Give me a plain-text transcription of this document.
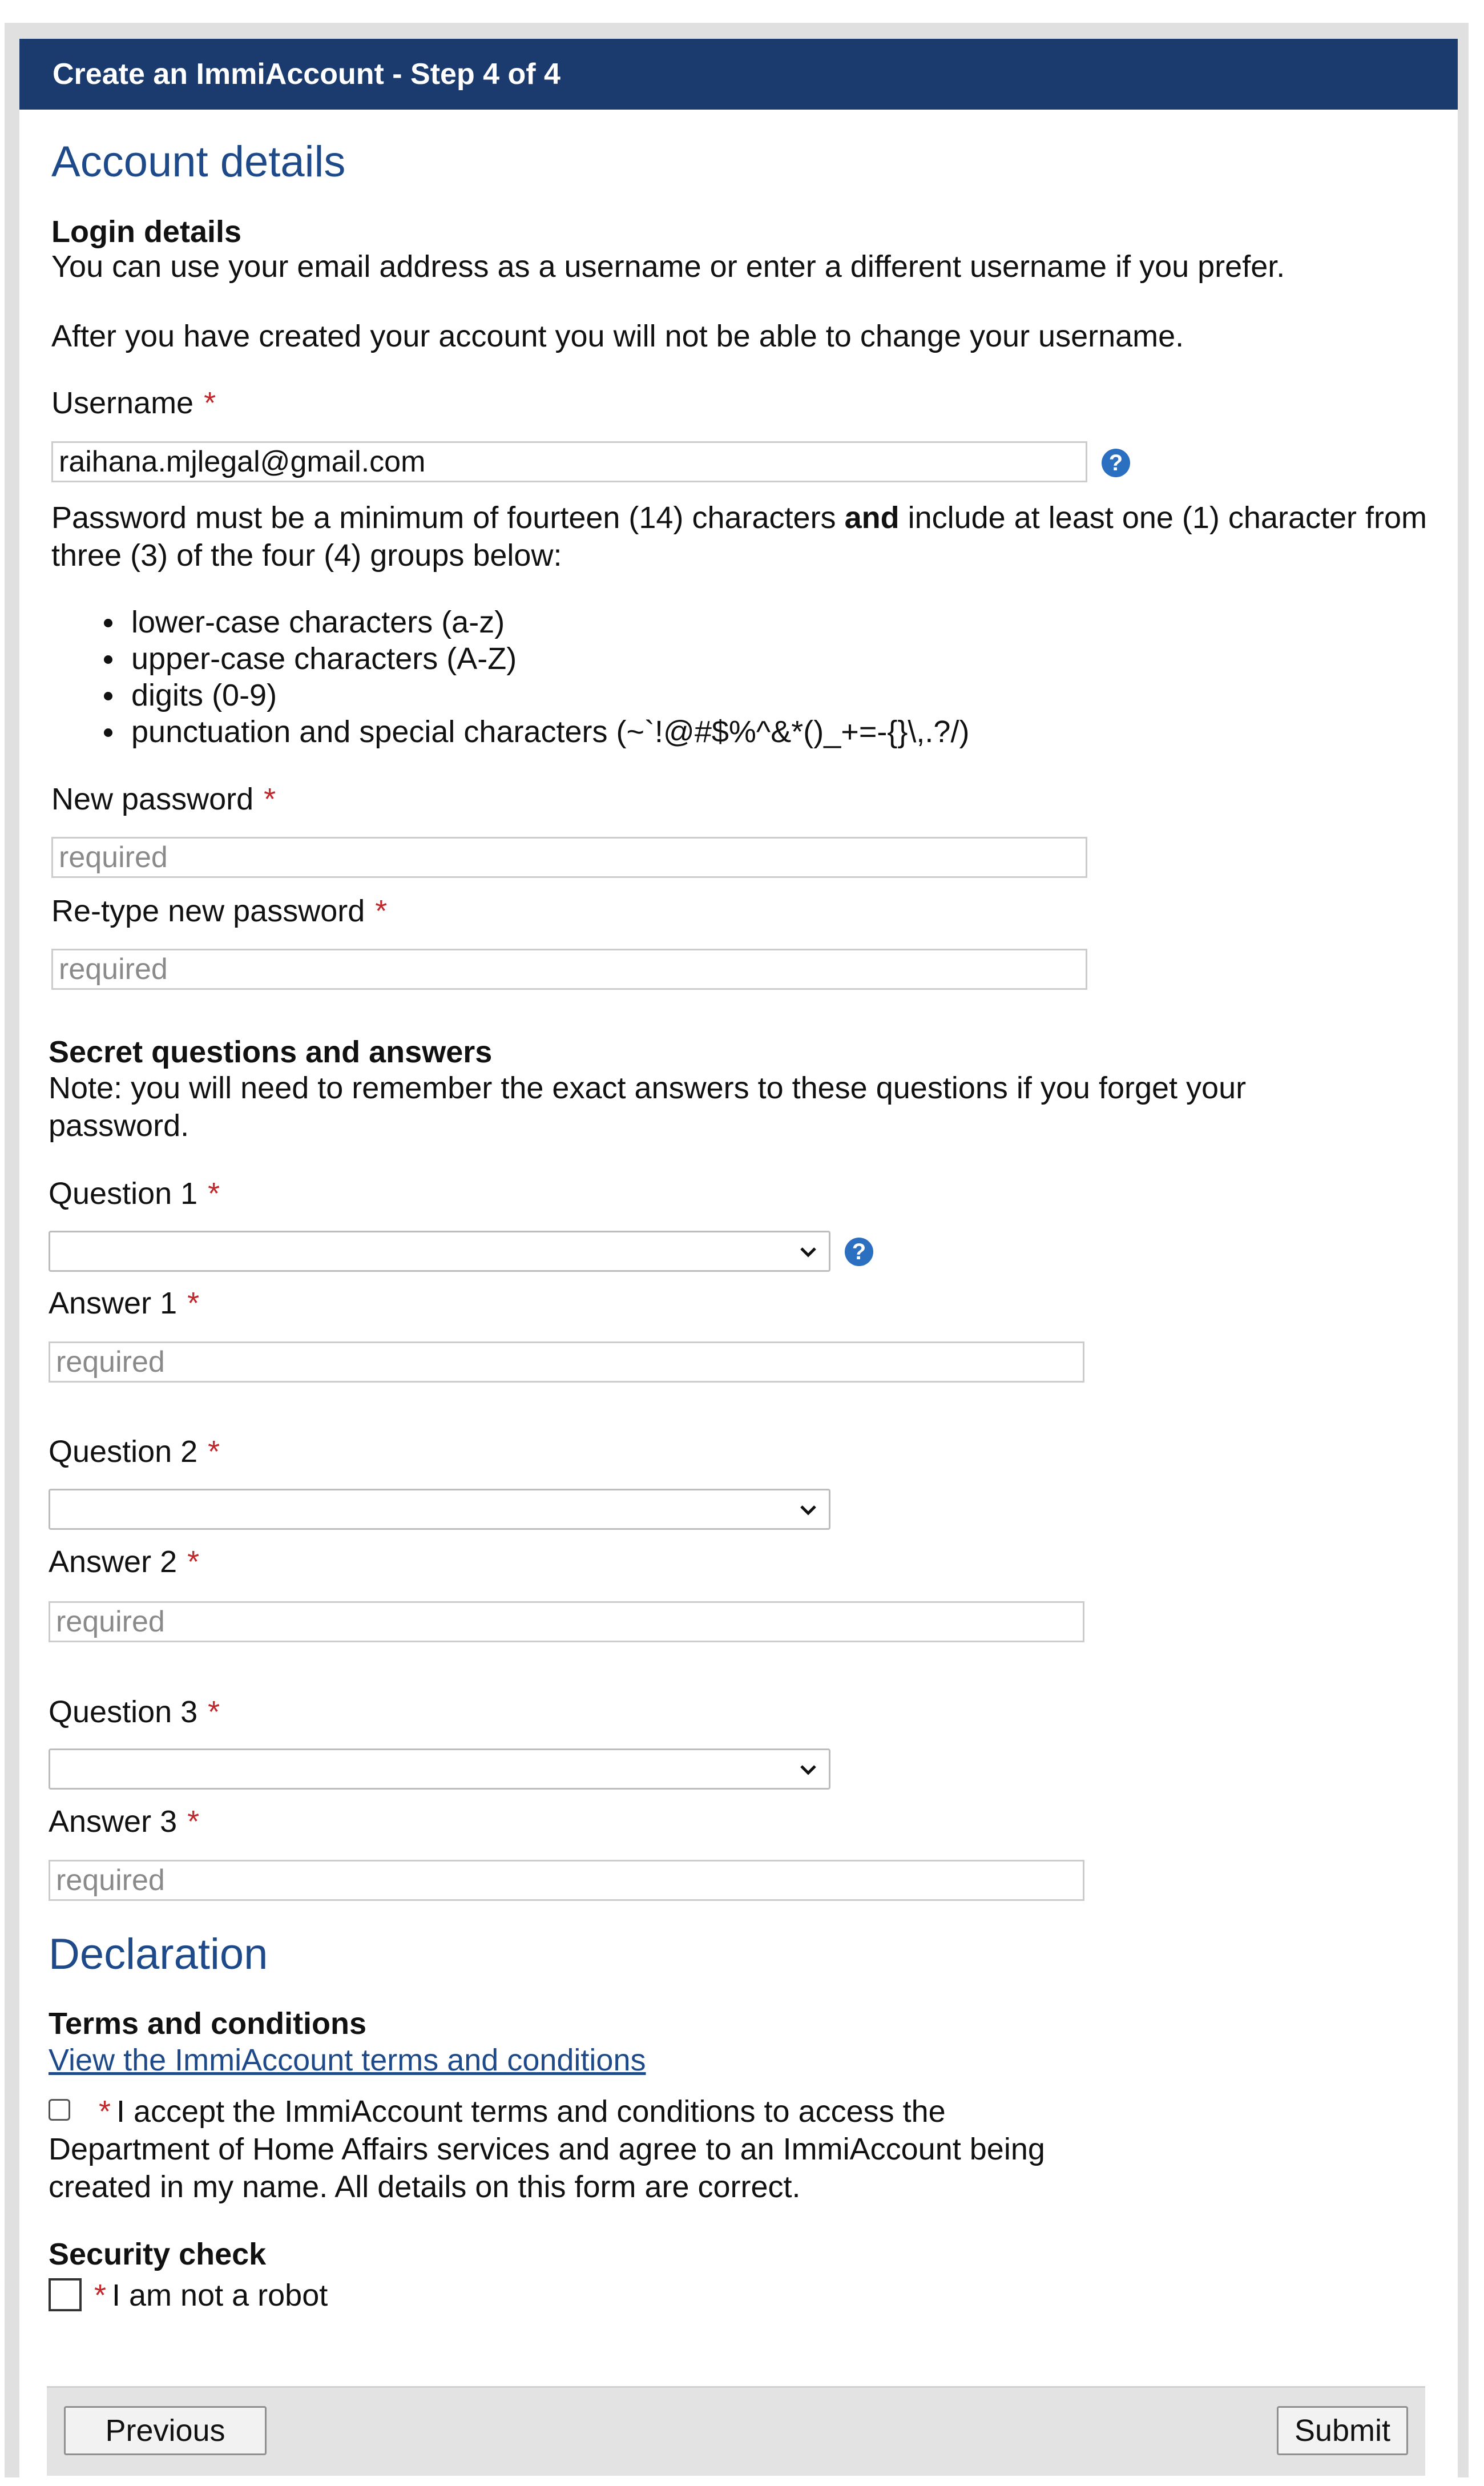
Create an ImmiAccount - Step 4 of 4
Account details
Login details
You can use your email address as a username or enter a different username if you prefer.
After you have created your account you will not be able to change your username.
Username *
raihana.mjlegal@gmail.com
?
Password must be a minimum of fourteen (14) characters and include at least one (1) character from three (3) of the four (4) groups below:
lower-case characters (a-z)
upper-case characters (A-Z)
digits (0-9)
punctuation and special characters (~`!@#$%^&*()_+=-{}\,.?/)
New password *
Re-type new password *
Secret questions and answers
Note: you will need to remember the exact answers to these questions if you forget your password.
Question 1 *
?
Answer 1 *
required
Question 2 *
Answer 2 *
required
Question 3 *
Answer 3 *
required
Declaration
Terms and conditions
View the ImmiAccount terms and conditions
* I accept the ImmiAccount terms and conditions to access the Department of Home Affairs services and agree to an ImmiAccount being created in my name. All details on this form are correct.
Security check
* I am not a robot
Previous	Submit
